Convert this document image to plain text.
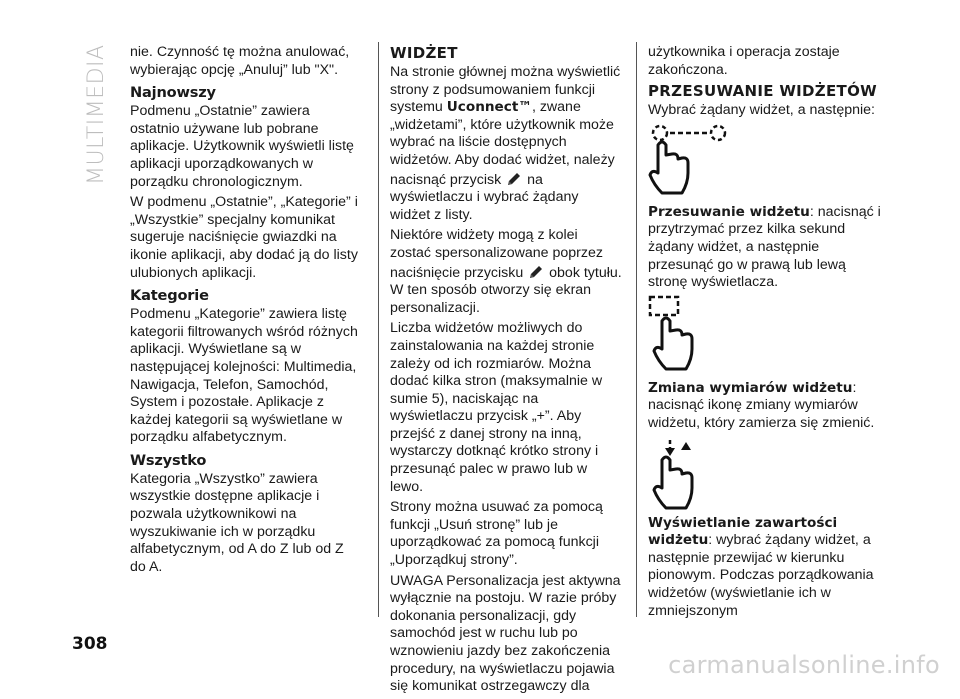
MULTIMEDIA nie. Czynność tę można anulować, wybierając opcję „Anuluj” lub "X".

Najnowszy

Podmenu „Ostatnie” zawiera ostatnio używane lub pobrane aplikacje. Użytkownik wyświetli listę aplikacji uporządkowanych w porządku chronologicznym.

W podmenu „Ostatnie”, „Kategorie” i „Wszystkie” specjalny komunikat sugeruje naciśnięcie gwiazdki na ikonie aplikacji, aby dodać ją do listy ulubionych aplikacji.

Kategorie

Podmenu „Kategorie” zawiera listę kategorii filtrowanych wśród różnych aplikacji. Wyświetlane są w następującej kolejności: Multimedia, Nawigacja, Telefon, Samochód, System i pozostałe. Aplikacje z każdej kategorii są wyświetlane w porządku alfabetycznym.

Wszystko

Kategoria „Wszystko” zawiera wszystkie dostępne aplikacje i pozwala użytkownikowi na wyszukiwanie ich w porządku alfabetycznym, od A do Z lub od Z do A.

WIDŻET

Na stronie głównej można wyświetlić strony z podsumowaniem funkcji systemu Uconnect™, zwane „widżetami”, które użytkownik może wybrać na liście dostępnych widżetów. Aby dodać widżet, należy nacisnąć przycisk
na wyświetlaczu i wybrać żądany widżet z listy.

Niektóre widżety mogą z kolei zostać spersonalizowane poprzez naciśnięcie przycisku
obok tytułu. W ten sposób otworzy się ekran personalizacji.

Liczba widżetów możliwych do zainstalowania na każdej stronie zależy od ich rozmiarów. Można dodać kilka stron (maksymalnie w sumie 5), naciskając na wyświetlaczu przycisk „+”. Aby przejść z danej strony na inną, wystarczy dotknąć krótko strony i przesunąć palec w prawo lub w lewo.

Strony można usuwać za pomocą funkcji „Usuń stronę” lub je uporządkować za pomocą funkcji „Uporządkuj strony”.

UWAGA Personalizacja jest aktywna wyłącznie na postoju. W razie próby dokonania personalizacji, gdy samochód jest w ruchu lub po wznowieniu jazdy bez zakończenia procedury, na wyświetlaczu pojawia się komunikat ostrzegawczy dla

użytkownika i operacja zostaje zakończona.

PRZESUWANIE WIDŻETÓW

Wybrać żądany widżet, a następnie:

Przesuwanie widżetu: nacisnąć i przytrzymać przez kilka sekund żądany widżet, a następnie przesunąć go w prawą lub lewą stronę wyświetlacza.

Zmiana wymiarów widżetu: nacisnąć ikonę zmiany wymiarów widżetu, który zamierza się zmienić.

Wyświetlanie zawartości widżetu: wybrać żądany widżet, a następnie przewijać w kierunku pionowym. Podczas porządkowania widżetów (wyświetlanie ich w zmniejszonym

308
carmanualsonline.info
